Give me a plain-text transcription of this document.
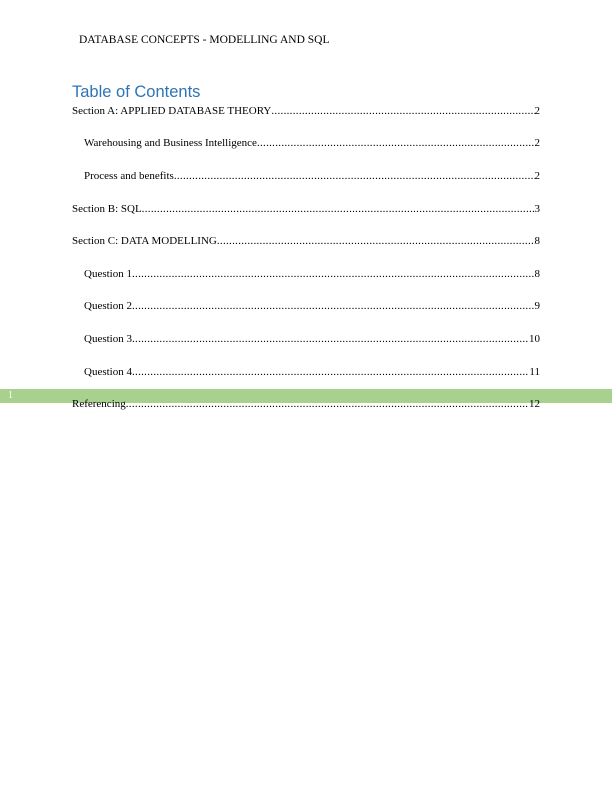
DATABASE CONCEPTS - MODELLING AND SQL
Table of Contents
1
Section A: APPLIED DATABASE THEORY .....	2
Warehousing and Business Intelligence .....	2
Process and benefits .....	2
Section B: SQL .....	3
Section C: DATA MODELLING .....	8
Question 1 .....	8
Question 2 .....	9
Question 3 .....	10
Question 4 .....	11
Referencing .....	12
